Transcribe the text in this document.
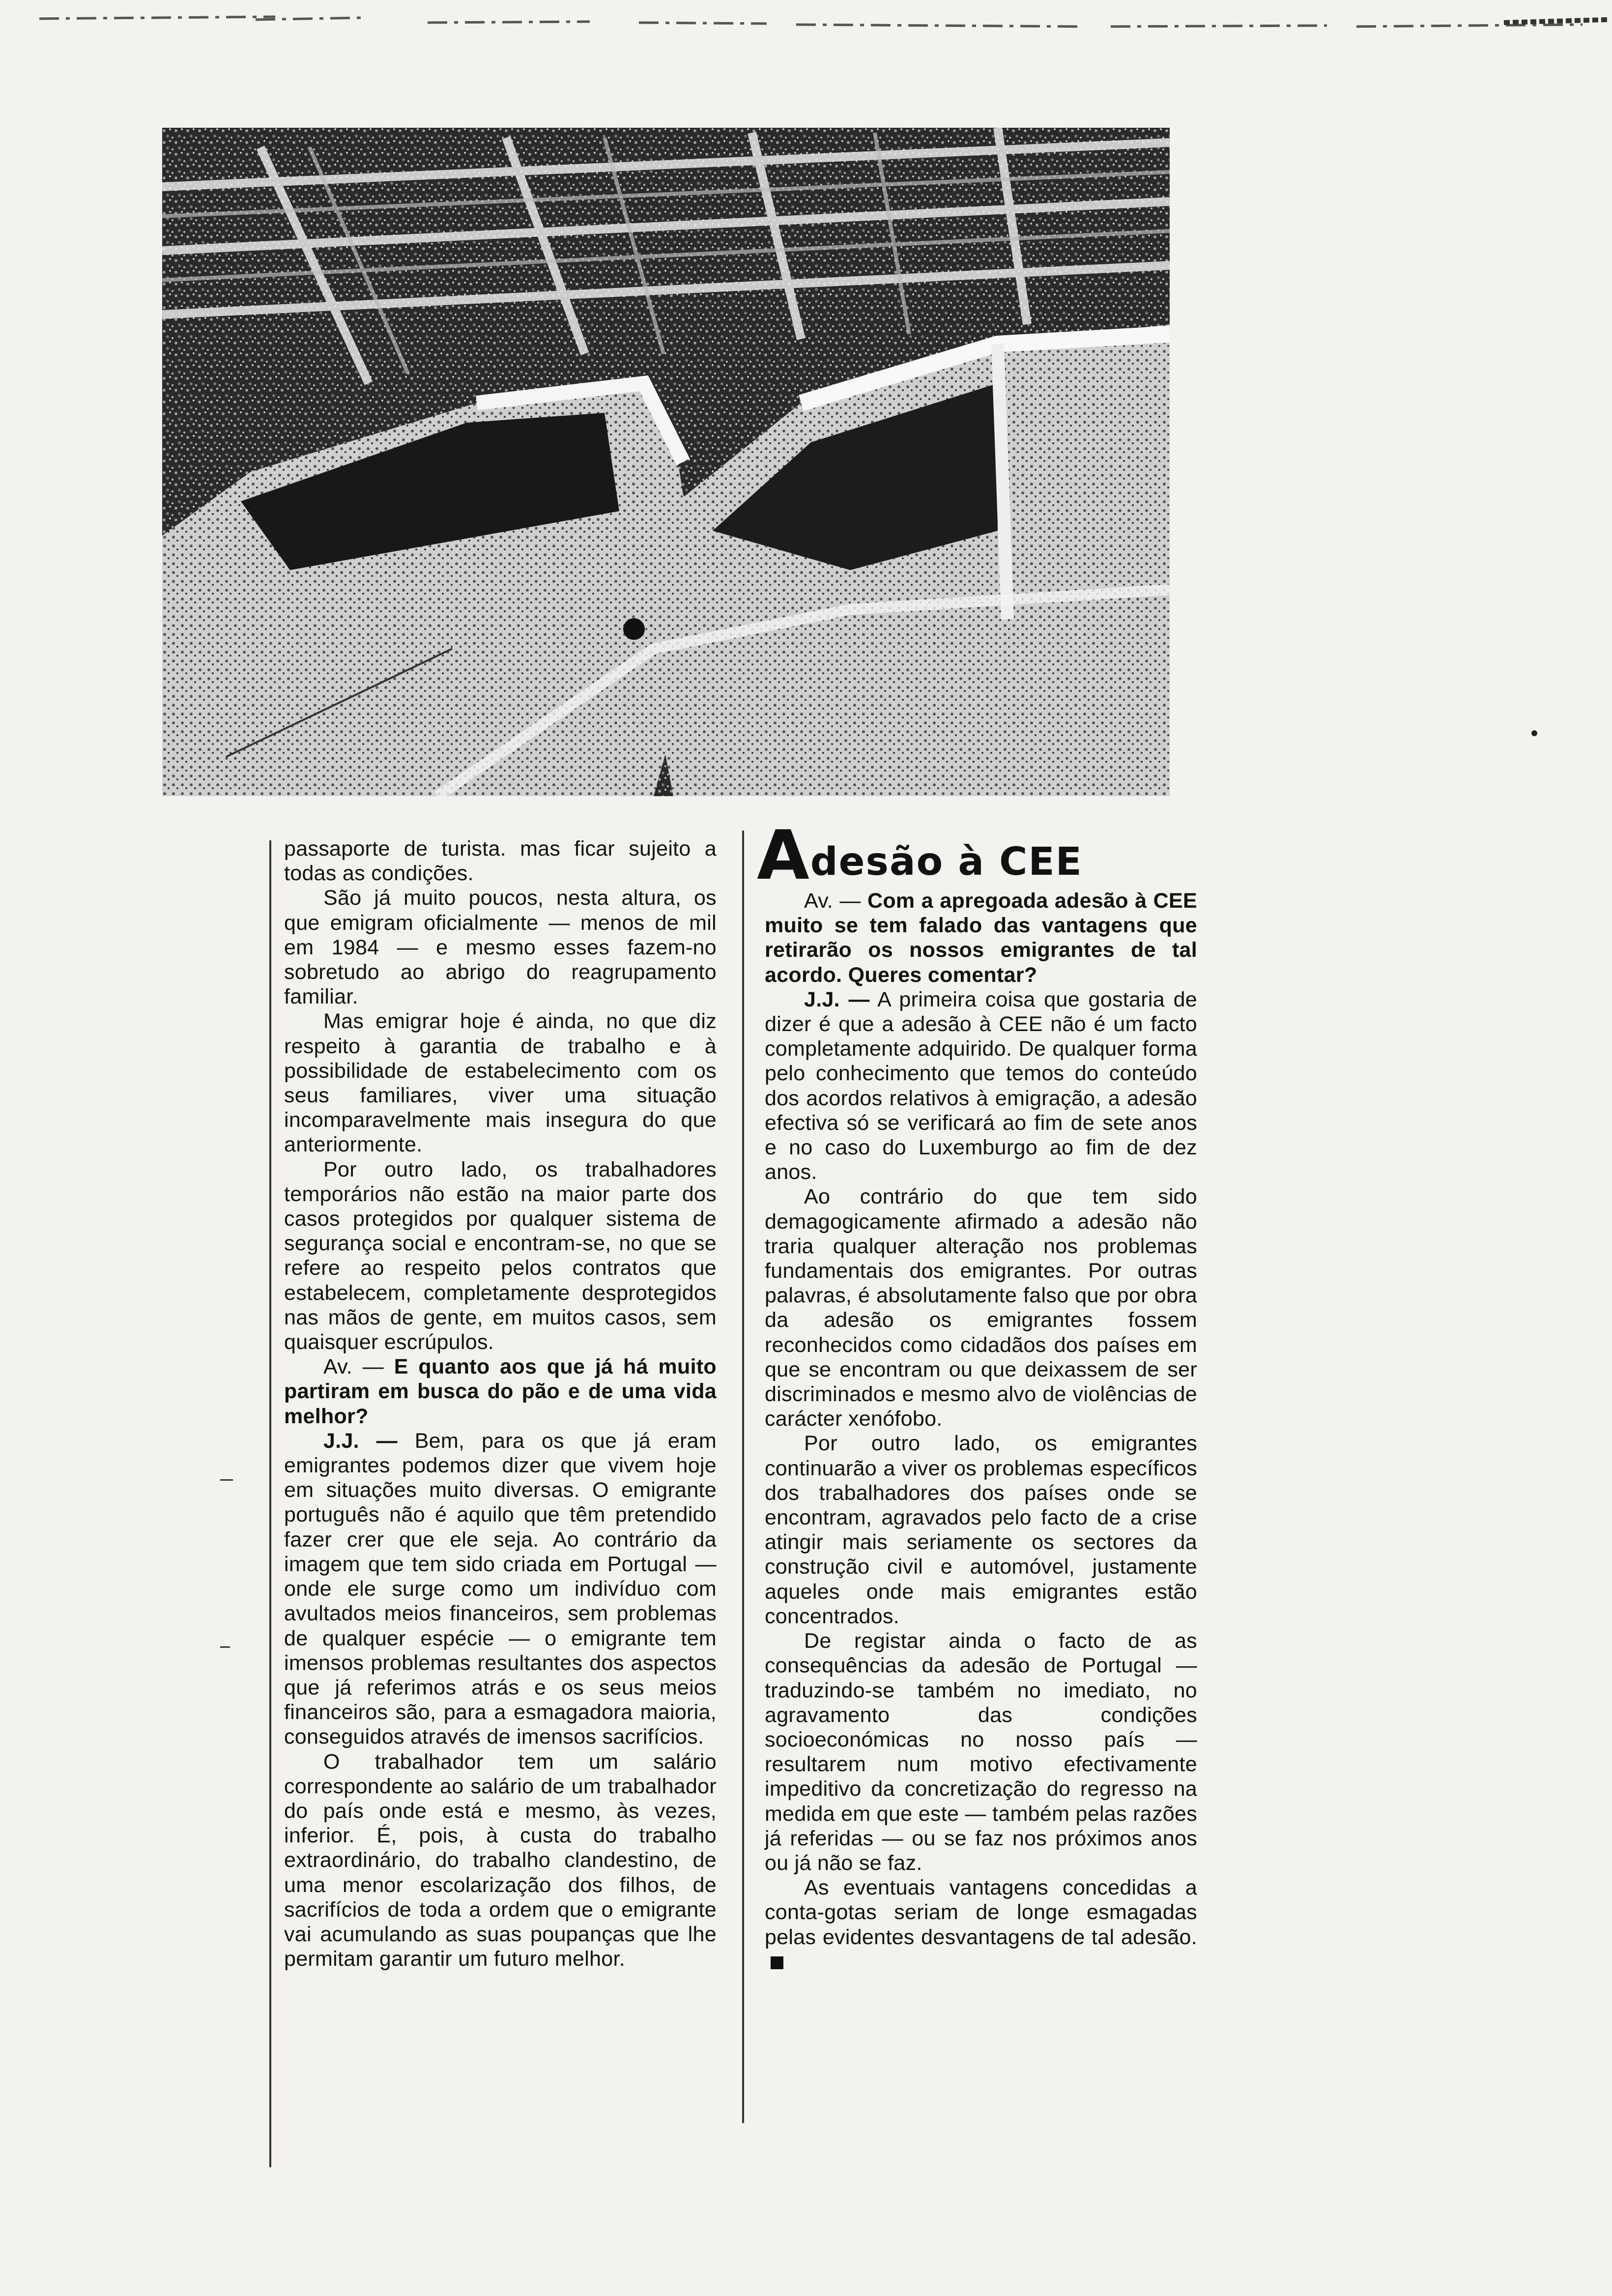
Adesão à CEE

passaporte de turista. mas ficar sujeito a todas as condições.

São já muito poucos, nesta altura, os que emigram oficialmente — menos de mil em 1984 — e mesmo esses fazem-no sobretudo ao abrigo do reagrupamento familiar.

Mas emigrar hoje é ainda, no que diz respeito à garantia de trabalho e à possibilidade de estabelecimento com os seus familiares, viver uma situação incomparavelmente mais insegura do que anteriormente.

Por outro lado, os trabalhadores temporários não estão na maior parte dos casos protegidos por qualquer sistema de segurança social e encontram-se, no que se refere ao respeito pelos contratos que estabelecem, completamente desprotegidos nas mãos de gente, em muitos casos, sem quaisquer escrúpulos.

Av. — E quanto aos que já há muito partiram em busca do pão e de uma vida melhor?

J.J. — Bem, para os que já eram emigrantes podemos dizer que vivem hoje em situações muito diversas. O emigrante português não é aquilo que têm pretendido fazer crer que ele seja. Ao contrário da imagem que tem sido criada em Portugal — onde ele surge como um indivíduo com avultados meios financeiros, sem problemas de qualquer espécie — o emigrante tem imensos problemas resultantes dos aspectos que já referimos atrás e os seus meios financeiros são, para a esmagadora maioria, conseguidos através de imensos sacrifícios.

O trabalhador tem um salário correspondente ao salário de um trabalhador do país onde está e mesmo, às vezes, inferior. É, pois, à custa do trabalho extraordinário, do trabalho clandestino, de uma menor escolarização dos filhos, de sacrifícios de toda a ordem que o emigrante vai acumulando as suas poupanças que lhe permitam garantir um futuro melhor.

Av. — Com a apregoada adesão à CEE muito se tem falado das vantagens que retirarão os nossos emigrantes de tal acordo. Queres comentar?

J.J. — A primeira coisa que gostaria de dizer é que a adesão à CEE não é um facto completamente adquirido. De qualquer forma pelo conhecimento que temos do conteúdo dos acordos relativos à emigração, a adesão efectiva só se verificará ao fim de sete anos e no caso do Luxemburgo ao fim de dez anos.

Ao contrário do que tem sido demagogicamente afirmado a adesão não traria qualquer alteração nos problemas fundamentais dos emigrantes. Por outras palavras, é absolutamente falso que por obra da adesão os emigrantes fossem reconhecidos como cidadãos dos países em que se encontram ou que deixassem de ser discriminados e mesmo alvo de violências de carácter xenófobo.

Por outro lado, os emigrantes continuarão a viver os problemas específicos dos trabalhadores dos países onde se encontram, agravados pelo facto de a crise atingir mais seriamente os sectores da construção civil e automóvel, justamente aqueles onde mais emigrantes estão concentrados.

De registar ainda o facto de as consequências da adesão de Portugal — traduzindo-se também no imediato, no agravamento das condições socioeconómicas no nosso país — resultarem num motivo efectivamente impeditivo da concretização do regresso na medida em que este — também pelas razões já referidas — ou se faz nos próximos anos ou já não se faz.

As eventuais vantagens concedidas a conta-gotas seriam de longe esmagadas pelas evidentes desvantagens de tal adesão.
